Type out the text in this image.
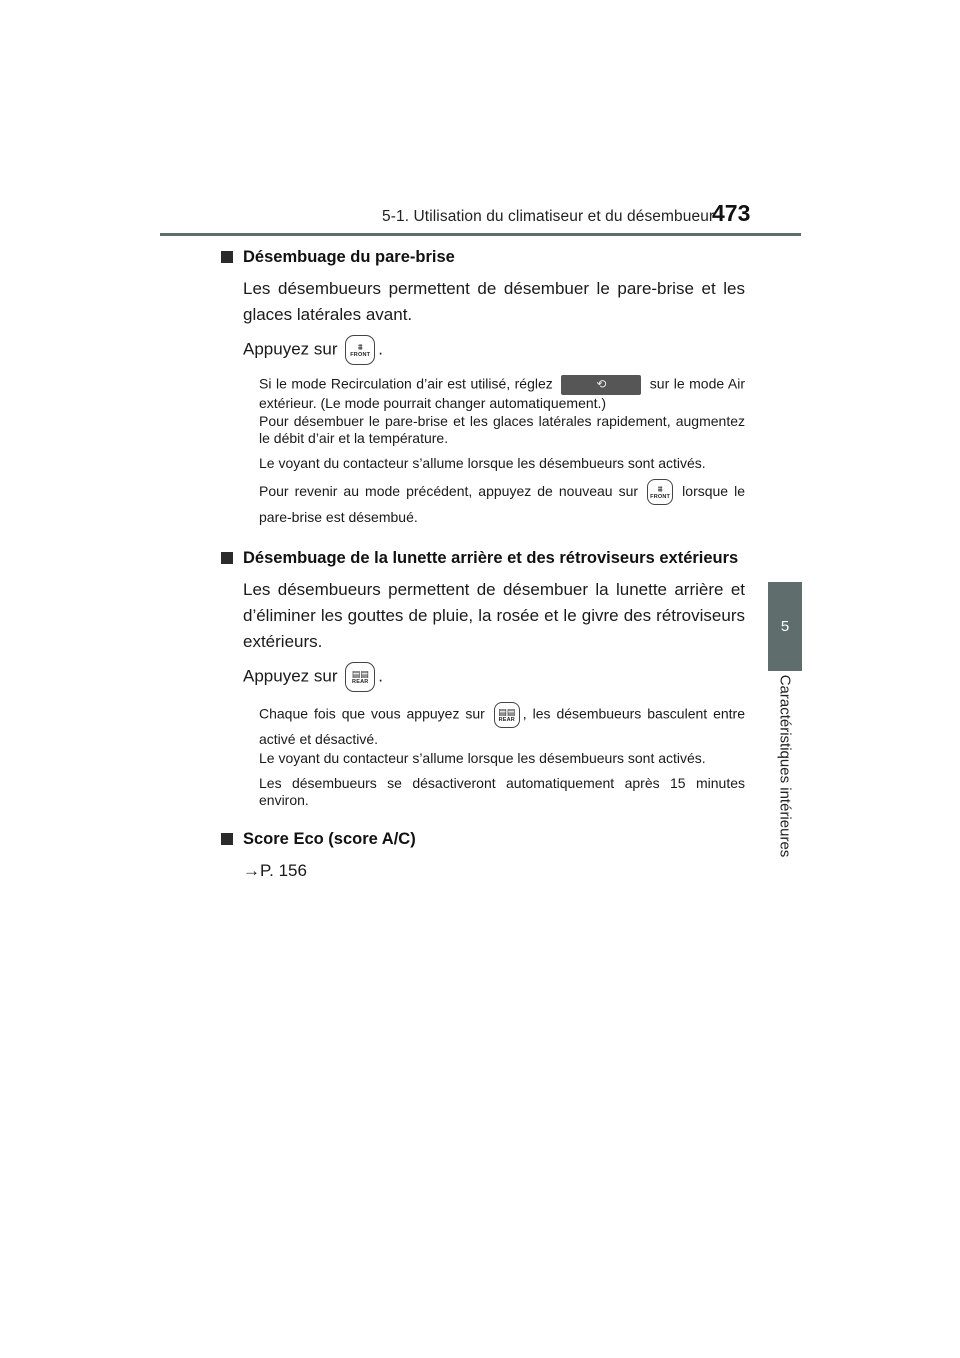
5-1. Utilisation du climatiseur et du désembueur
473
5
Caractéristiques intérieures
Désembuage du pare-brise
Les désembueurs permettent de désembuer le pare-brise et les glaces latérales avant.
Appuyez sur ⩩
FRONT .
Si le mode Recirculation d’air est utilisé, réglez	⟲	sur le mode Air extérieur. (Le mode pourrait changer automatiquement.)
Pour désembuer le pare-brise et les glaces latérales rapidement, augmentez le débit d’air et la température.
Le voyant du contacteur s’allume lorsque les désembueurs sont activés.
Pour revenir au mode précédent, appuyez de nouveau sur ⩩
FRONT lorsque le pare-brise est désembué.
Désembuage de la lunette arrière et des rétroviseurs extérieurs
Les désembueurs permettent de désembuer la lunette arrière et d’éliminer les gouttes de pluie, la rosée et le givre des rétroviseurs extérieurs.
Appuyez sur ▤▤
REAR .
Chaque fois que vous appuyez sur ▤▤
REAR , les désembueurs basculent entre activé et désactivé.
Le voyant du contacteur s’allume lorsque les désembueurs sont activés.
Les désembueurs se désactiveront automatiquement après 15 minutes environ.
Score Eco (score A/C)
→P. 156
